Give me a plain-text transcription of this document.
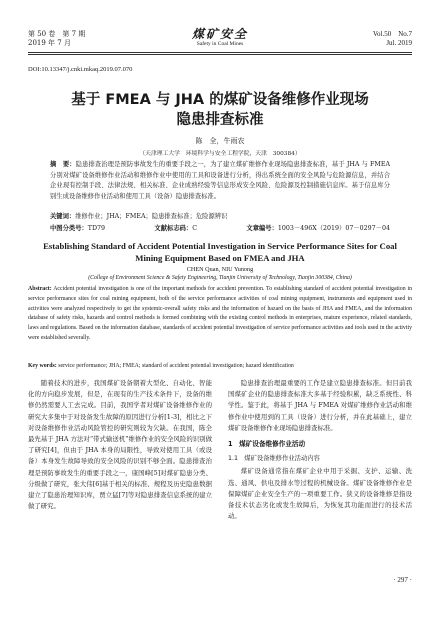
第 50 卷　第 7 期
2019 年 7 月
煤矿安全
Safety in Coal Mines
Vol.50　No.7
Jul. 2019
DOI:10.13347/j.cnki.mkaq.2019.07.070
基于 FMEA 与 JHA 的煤矿设备维修作业现场
隐患排查标准
陈　全，牛雨农
（天津理工大学　环境科学与安全工程学院，天津　300384）
摘　要：隐患排查治理是预防事故发生的重要手段之一，为了建立煤矿维修作业现场隐患排查标准，基于 JHA 与 FMEA 分别对煤矿设备维修作业活动和维修作业中使用的工具和设备进行分析，得出系统全面的安全风险与危险源信息，并结合企业现有控制手段、法律法规、相关标准、企业成熟经验等信息形成安全风险、危险源及控制措施信息库。基于信息库分别生成设备维修作业活动和使用工具（设备）隐患排查标准。
关键词：维修作业；JHA；FMEA；隐患排查标准；危险源辨识
中图分类号：TD79	文献标志码：C	文章编号：1003－496X（2019）07－0297－04
Establishing Standard of Accident Potential Investigation in Service Performance Sites for Coal Mining Equipment Based on FMEA and JHA
CHEN Quan, NIU Yunong
(College of Environment Science & Safety Engineering, Tianjin University of Technology, Tianjin 300384, China)
Abstract: Accident potential investigation is one of the important methods for accident prevention. To establishing standard of accident potential investigation in service performance sites for coal mining equipment, both of the service performance activities of coal mining equipment, instruments and equipment used in activities were analyzed respectively to get the systemic-overall safety risks and the information of hazard on the basis of JHA and FMEA, and the information database of safety risks, hazards and control methods is formed combining with the existing control methods in enterprises, mature experience, related standards, laws and regulations. Based on the information database, standards of accident potential investigation of service performance activities and tools used in the activity were established severally.
Key words: service performance; JHA; FMEA; standard of accident potential investigation; hazard identification

随着技术的进步，我国煤矿设备朝着大型化、自动化、智能化的方向稳步发展，但是，在现有的生产技术条件下，设备的维修仍然需要人工去完成。目前，我国学者对煤矿设备维修作业的研究大多集中于对设备发生故障的原因进行分析[1-3]，相比之下对设备维修作业活动风险管控的研究则较为欠缺。在我国，陈全最先基于 JHA 方法对“带式输送机”维修作业的安全风险的识别做了研究[4]，但由于 JHA 本身的局限性，导致对使用工具（或设备）本身发生故障导致的安全风险的识别不够全面。隐患排查治理是预防事故发生的重要手段之一，康国峰[5]对煤矿隐患分类、分级做了研究，张大伟[6]基于相关的标准、规程及历史隐患数据建立了隐患治理知识库，贾立猛[7]等对隐患排查信息系统的建立做了研究。

隐患排查治理最重要的工作是建立隐患排查标准。但目前我国煤矿企业的隐患排查标准大多基于经验积累，缺乏系统性、科学性。鉴于此，将基于 JHA 与 FMEA 对煤矿维修作业活动和维修作业中使用到的工具（设备）进行分析，并在此基础上，建立煤矿设备维修作业现场隐患排查标准。

1　煤矿设备维修作业活动
1.1　煤矿设备维修作业活动内容

煤矿设备通常指在煤矿企业中用于采掘、支护、运输、洗选、通风、供电及排水等过程的机械设备。煤矿设备维修作业是保障煤矿企业安全生产的一项重要工作。狭义的设备维修是指设备技术状态劣化或发生故障后，为恢复其功能而进行的技术活动。

· 297 ·
